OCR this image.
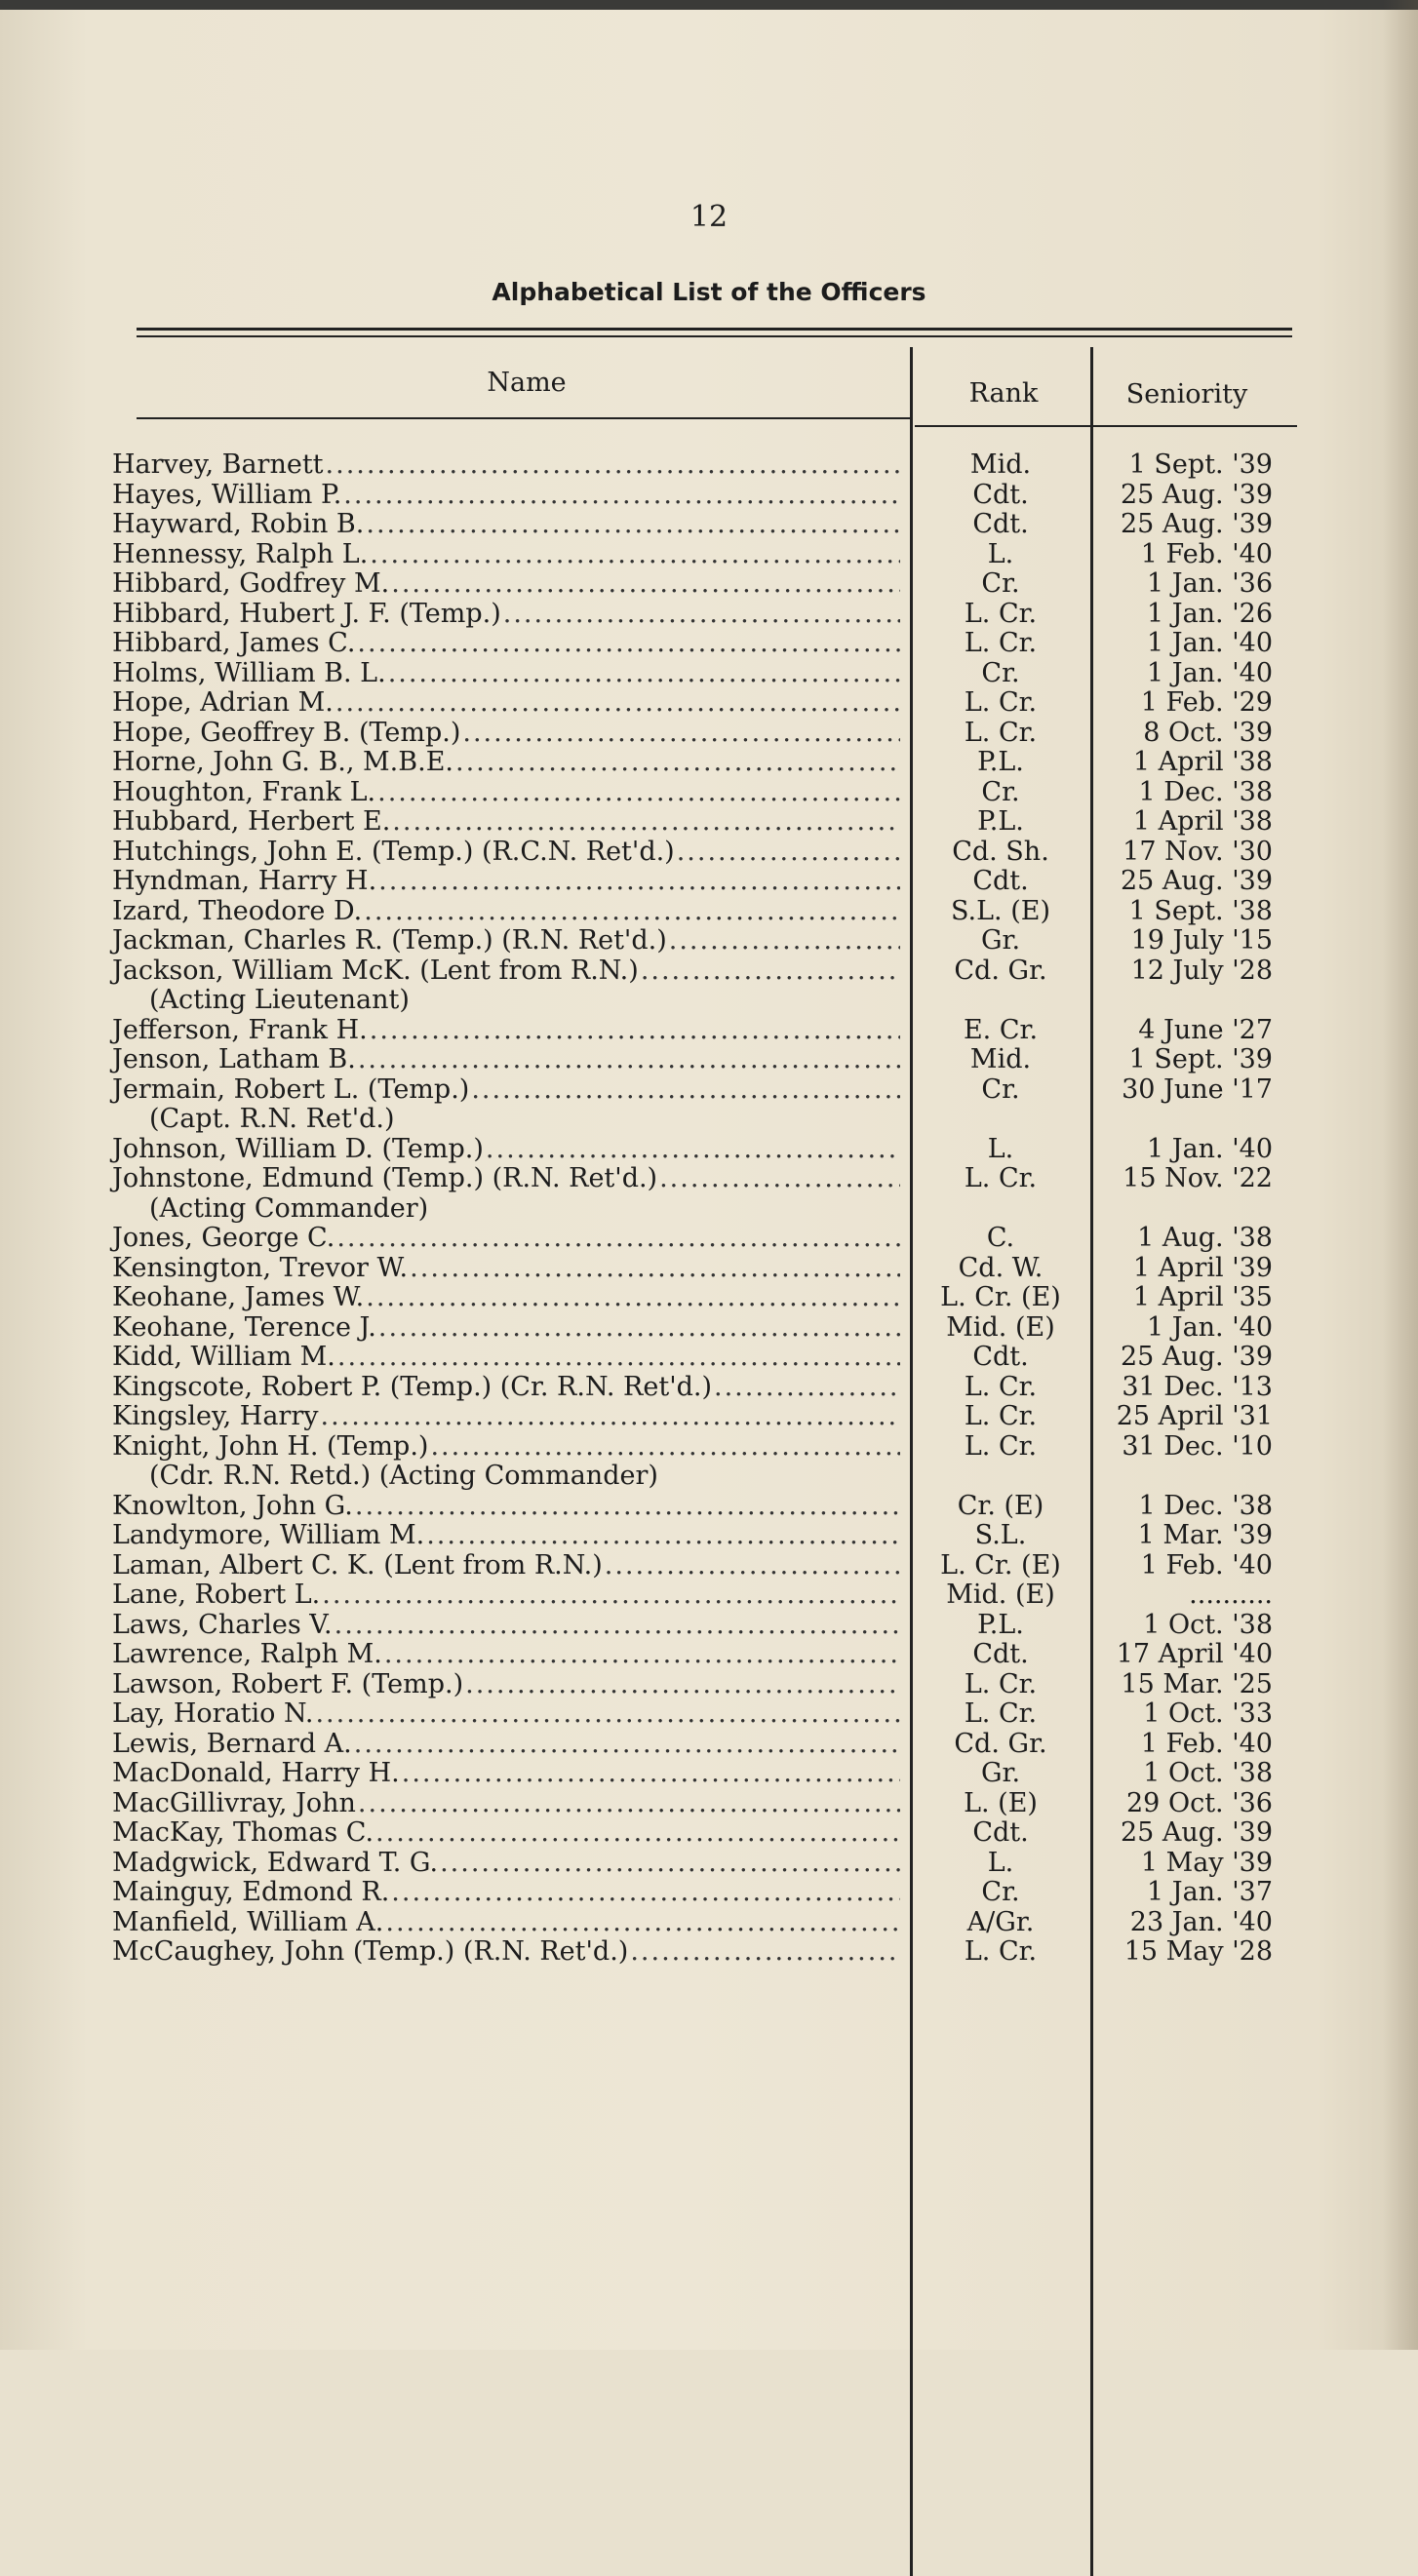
12
Alphabetical List of the Officers
Name	Rank	Seniority
Harvey, Barnett
.....
Hayes, William P.
.....
Hayward, Robin B.
.....
Hennessy, Ralph L.
.....
Hibbard, Godfrey M.
.....
Hibbard, Hubert J. F. (Temp.)
.....
Hibbard, James C.
.....
Holms, William B. L.
.....
Hope, Adrian M.
.....
Hope, Geoffrey B. (Temp.)
.....
Horne, John G. B., M.B.E.
.....
Houghton, Frank L.
.....
Hubbard, Herbert E.
.....
Hutchings, John E. (Temp.) (R.C.N. Ret'd.)
.....
Hyndman, Harry H.
.....
Izard, Theodore D.
.....
Jackman, Charles R. (Temp.) (R.N. Ret'd.)
.....
Jackson, William McK. (Lent from R.N.)
.....
(Acting Lieutenant)
Jefferson, Frank H.
.....
Jenson, Latham B.
.....
Jermain, Robert L. (Temp.)
.....
(Capt. R.N. Ret'd.)
Johnson, William D. (Temp.)
.....
Johnstone, Edmund (Temp.) (R.N. Ret'd.)
.....
(Acting Commander)
Jones, George C.
.....
Kensington, Trevor W.
.....
Keohane, James W.
.....
Keohane, Terence J.
.....
Kidd, William M.
.....
Kingscote, Robert P. (Temp.) (Cr. R.N. Ret'd.)
.....
Kingsley, Harry
.....
Knight, John H. (Temp.)
.....
(Cdr. R.N. Retd.) (Acting Commander)
Knowlton, John G.
.....
Landymore, William M.
.....
Laman, Albert C. K. (Lent from R.N.)
.....
Lane, Robert L.
.....
Laws, Charles V.
.....
Lawrence, Ralph M.
.....
Lawson, Robert F. (Temp.)
.....
Lay, Horatio N.
.....
Lewis, Bernard A.
.....
MacDonald, Harry H.
.....
MacGillivray, John
.....
MacKay, Thomas C.
.....
Madgwick, Edward T. G.
.....
Mainguy, Edmond R.
.....
Manfield, William A.
.....
McCaughey, John (Temp.) (R.N. Ret'd.)
.....
Mid.
Cdt.
Cdt.
L.
Cr.
L. Cr.
L. Cr.
Cr.
L. Cr.
L. Cr.
P.L.
Cr.
P.L.
Cd. Sh.
Cdt.
S.L. (E)
Gr.
Cd. Gr.
E. Cr.
Mid.
Cr.
L.
L. Cr.
C.
Cd. W.
L. Cr. (E)
Mid. (E)
Cdt.
L. Cr.
L. Cr.
L. Cr.
Cr. (E)
S.L.
L. Cr. (E)
Mid. (E)
P.L.
Cdt.
L. Cr.
L. Cr.
Cd. Gr.
Gr.
L. (E)
Cdt.
L.
Cr.
A/Gr.
L. Cr.
1 Sept. '39
25 Aug. '39
25 Aug. '39
1 Feb. '40
1 Jan. '36
1 Jan. '26
1 Jan. '40
1 Jan. '40
1 Feb. '29
8 Oct. '39
1 April '38
1 Dec. '38
1 April '38
17 Nov. '30
25 Aug. '39
1 Sept. '38
19 July '15
12 July '28
4 June '27
1 Sept. '39
30 June '17
1 Jan. '40
15 Nov. '22
1 Aug. '38
1 April '39
1 April '35
1 Jan. '40
25 Aug. '39
31 Dec. '13
25 April '31
31 Dec. '10
1 Dec. '38
1 Mar. '39
1 Feb. '40
..........
1 Oct. '38
17 April '40
15 Mar. '25
1 Oct. '33
1 Feb. '40
1 Oct. '38
29 Oct. '36
25 Aug. '39
1 May '39
1 Jan. '37
23 Jan. '40
15 May '28
